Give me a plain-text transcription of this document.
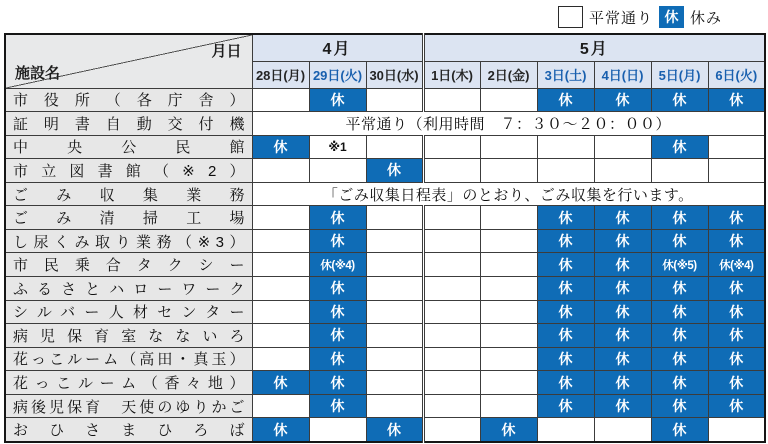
平常通り 休 休み
月日
施設名	4月			5月					
	28日(月)	29日(火)	30日(水)	1日(木)	2日(金)	3日(土)	4日(日)	5日(月)	6日(火)
市役所（各庁舎）		休				休	休	休	休
証明書自動交付機	平常通り（利用時間　７：３０～２０：００）								
中央公民館	休	※1						休	
市立図書館（※2）			休						
ごみ収集業務	「ごみ収集日程表」のとおり、ごみ収集を行います。								
ごみ清掃工場		休				休	休	休	休
し尿くみ取り業務（※3）		休				休	休	休	休
市民乗合タクシー		休(※4)				休	休	休(※5)	休(※4)
ふるさとハローワーク		休				休	休	休	休
シルバー人材センター		休				休	休	休	休
病児保育室なないろ		休				休	休	休	休
花っこルーム（高田・真玉）		休				休	休	休	休
花っこルーム（香々地）	休	休				休	休	休	休
病後児保育　天使のゆりかご		休				休	休	休	休
おひさまひろば	休		休		休			休	
